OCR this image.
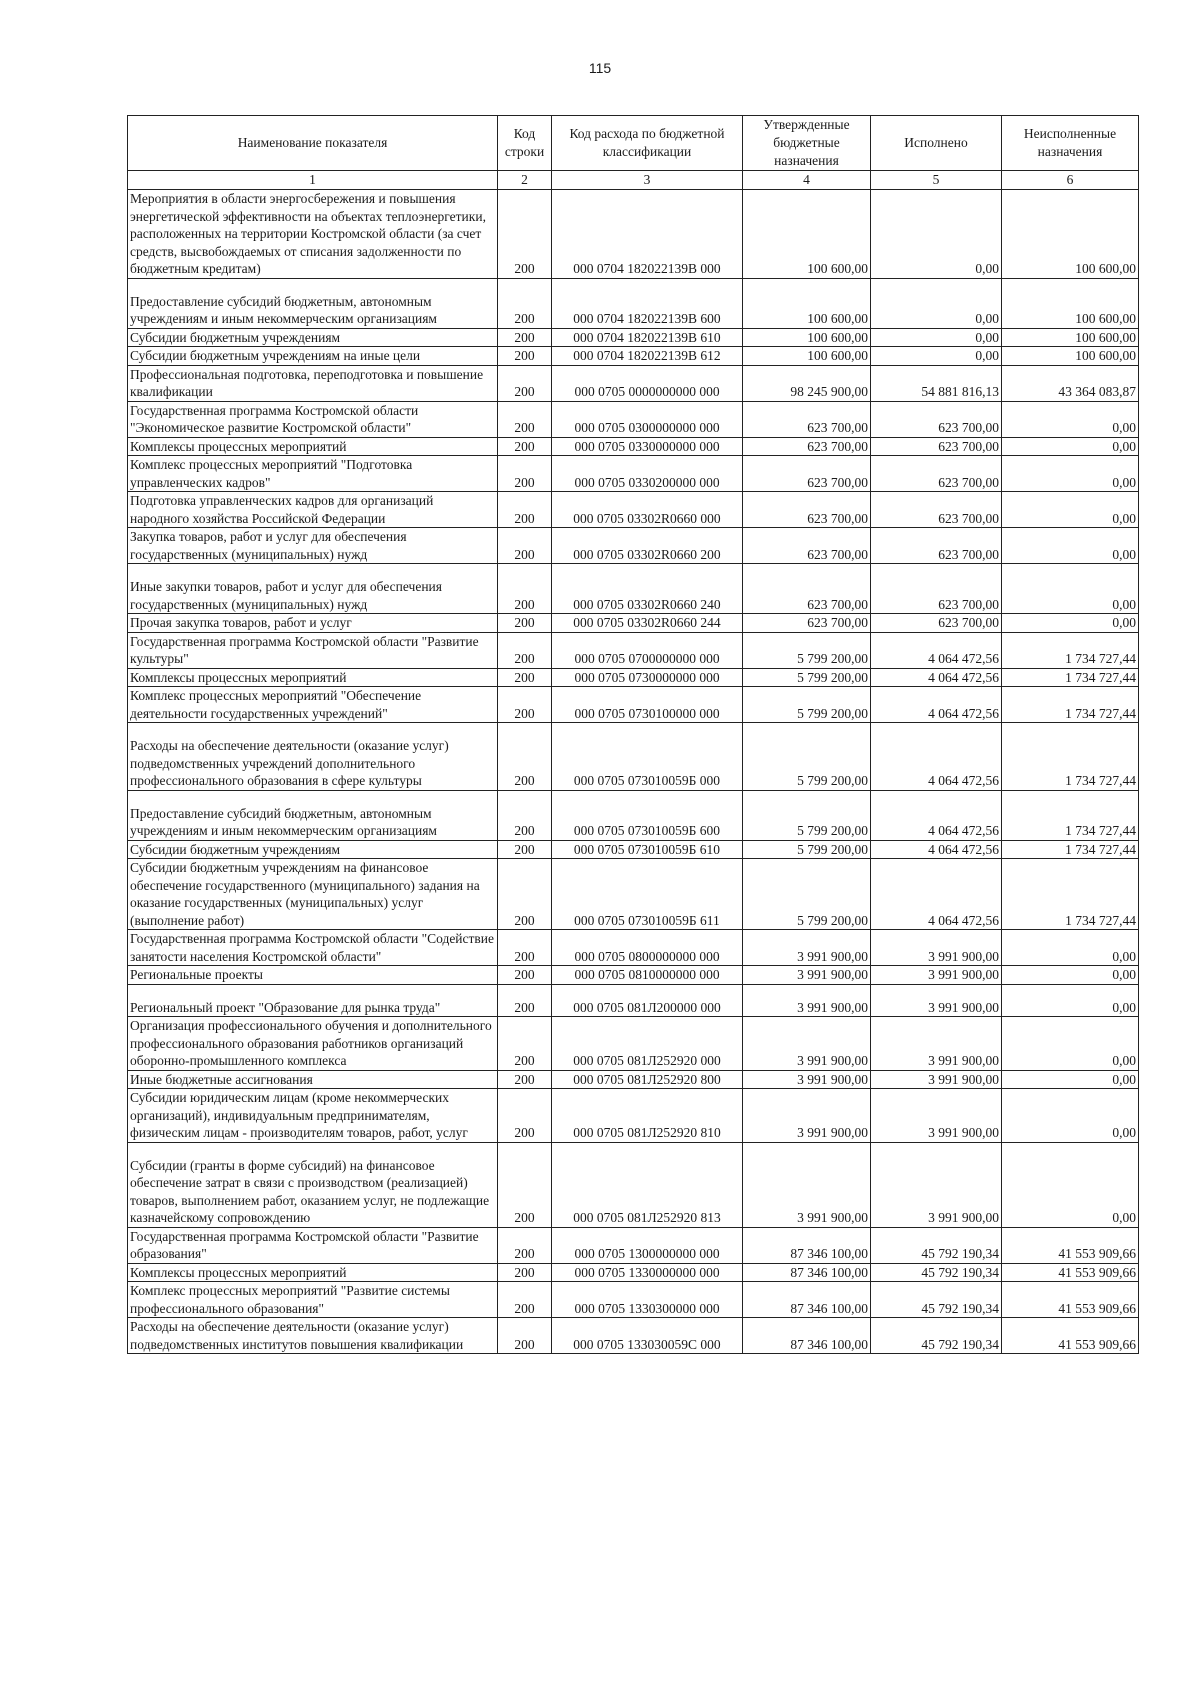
115
Наименование показателя	Код строки	Код расхода по бюджетной классификации	Утвержденные бюджетные назначения	Исполнено	Неисполненные назначения
1	2	3	4	5	6
Мероприятия в области энергосбережения и повышения энергетической эффективности на объектах теплоэнергетики, расположенных на территории Костромской области (за счет средств, высвобождаемых от списания задолженности по бюджетным кредитам)	200	000 0704 182022139В 000	100 600,00	0,00	100 600,00
Предоставление субсидий бюджетным, автономным учреждениям и иным некоммерческим организациям	200	000 0704 182022139В 600	100 600,00	0,00	100 600,00
Субсидии бюджетным учреждениям	200	000 0704 182022139В 610	100 600,00	0,00	100 600,00
Субсидии бюджетным учреждениям на иные цели	200	000 0704 182022139В 612	100 600,00	0,00	100 600,00
Профессиональная подготовка, переподготовка и повышение квалификации	200	000 0705 0000000000 000	98 245 900,00	54 881 816,13	43 364 083,87
Государственная программа Костромской области "Экономическое развитие Костромской области"	200	000 0705 0300000000 000	623 700,00	623 700,00	0,00
Комплексы процессных мероприятий	200	000 0705 0330000000 000	623 700,00	623 700,00	0,00
Комплекс процессных мероприятий "Подготовка управленческих кадров"	200	000 0705 0330200000 000	623 700,00	623 700,00	0,00
Подготовка управленческих кадров для организаций народного хозяйства Российской Федерации	200	000 0705 03302R0660 000	623 700,00	623 700,00	0,00
Закупка товаров, работ и услуг для обеспечения государственных (муниципальных) нужд	200	000 0705 03302R0660 200	623 700,00	623 700,00	0,00
Иные закупки товаров, работ и услуг для обеспечения государственных (муниципальных) нужд	200	000 0705 03302R0660 240	623 700,00	623 700,00	0,00
Прочая закупка товаров, работ и услуг	200	000 0705 03302R0660 244	623 700,00	623 700,00	0,00
Государственная программа Костромской области "Развитие культуры"	200	000 0705 0700000000 000	5 799 200,00	4 064 472,56	1 734 727,44
Комплексы процессных мероприятий	200	000 0705 0730000000 000	5 799 200,00	4 064 472,56	1 734 727,44
Комплекс процессных мероприятий "Обеспечение деятельности государственных учреждений"	200	000 0705 0730100000 000	5 799 200,00	4 064 472,56	1 734 727,44
Расходы на обеспечение деятельности (оказание услуг) подведомственных учреждений дополнительного профессионального образования в сфере культуры	200	000 0705 073010059Б 000	5 799 200,00	4 064 472,56	1 734 727,44
Предоставление субсидий бюджетным, автономным учреждениям и иным некоммерческим организациям	200	000 0705 073010059Б 600	5 799 200,00	4 064 472,56	1 734 727,44
Субсидии бюджетным учреждениям	200	000 0705 073010059Б 610	5 799 200,00	4 064 472,56	1 734 727,44
Субсидии бюджетным учреждениям на финансовое обеспечение государственного (муниципального) задания на оказание государственных (муниципальных) услуг (выполнение работ)	200	000 0705 073010059Б 611	5 799 200,00	4 064 472,56	1 734 727,44
Государственная программа Костромской области "Содействие занятости населения Костромской области"	200	000 0705 0800000000 000	3 991 900,00	3 991 900,00	0,00
Региональные проекты	200	000 0705 0810000000 000	3 991 900,00	3 991 900,00	0,00
Региональный проект "Образование для рынка труда"	200	000 0705 081Л200000 000	3 991 900,00	3 991 900,00	0,00
Организация профессионального обучения и дополнительного профессионального образования работников организаций оборонно-промышленного комплекса	200	000 0705 081Л252920 000	3 991 900,00	3 991 900,00	0,00
Иные бюджетные ассигнования	200	000 0705 081Л252920 800	3 991 900,00	3 991 900,00	0,00
Субсидии юридическим лицам (кроме некоммерческих организаций), индивидуальным предпринимателям, физическим лицам - производителям товаров, работ, услуг	200	000 0705 081Л252920 810	3 991 900,00	3 991 900,00	0,00
Субсидии (гранты в форме субсидий) на финансовое обеспечение затрат в связи с производством (реализацией) товаров, выполнением работ, оказанием услуг, не подлежащие казначейскому сопровождению	200	000 0705 081Л252920 813	3 991 900,00	3 991 900,00	0,00
Государственная программа Костромской области "Развитие образования"	200	000 0705 1300000000 000	87 346 100,00	45 792 190,34	41 553 909,66
Комплексы процессных мероприятий	200	000 0705 1330000000 000	87 346 100,00	45 792 190,34	41 553 909,66
Комплекс процессных мероприятий "Развитие системы профессионального образования"	200	000 0705 1330300000 000	87 346 100,00	45 792 190,34	41 553 909,66
Расходы на обеспечение деятельности (оказание услуг) подведомственных институтов повышения квалификации	200	000 0705 133030059С 000	87 346 100,00	45 792 190,34	41 553 909,66
